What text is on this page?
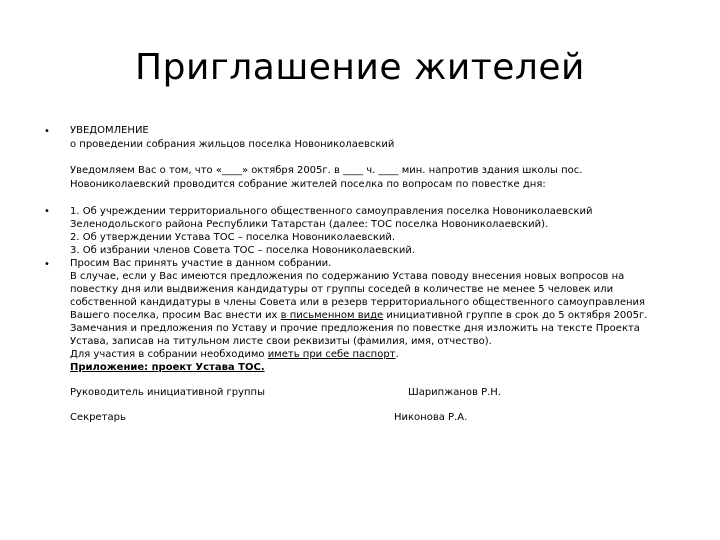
Приглашение жителей
• УВЕДОМЛЕНИЕ
о проведении собрания жильцов поселка Новониколаевский
Уведомляем Вас о том, что «____» октября 2005г. в ____ ч. ____ мин. напротив здания школы пос.
Новониколаевский проводится собрание жителей поселка по вопросам по повестке дня:
• 1. Об учреждении территориального общественного самоуправления поселка Новониколаевский
Зеленодольского района Республики Татарстан (далее: ТОС поселка Новониколаевский).
2. Об утверждении Устава ТОС – поселка Новониколаевский.
3. Об избрании членов Совета ТОС – поселка Новониколаевский.
• Просим Вас принять участие в данном собрании.
В случае, если у Вас имеются предложения по содержанию Устава поводу внесения новых вопросов на
повестку дня или выдвижения кандидатуры от группы соседей в количестве не менее 5 человек или
собственной кандидатуры в члены Совета или в резерв территориального общественного самоуправления
Вашего поселка, просим Вас внести их в письменном виде инициативной группе в срок до 5 октября 2005г.
Замечания и предложения по Уставу и прочие предложения по повестке дня изложить на тексте Проекта
Устава, записав на титульном листе свои реквизиты (фамилия, имя, отчество).
Для участия в собрании необходимо иметь при себе паспорт.
Приложение: проект Устава ТОС.
Руководитель инициативной группы	Шарипжанов Р.Н.
Секретарь	Никонова Р.А.
